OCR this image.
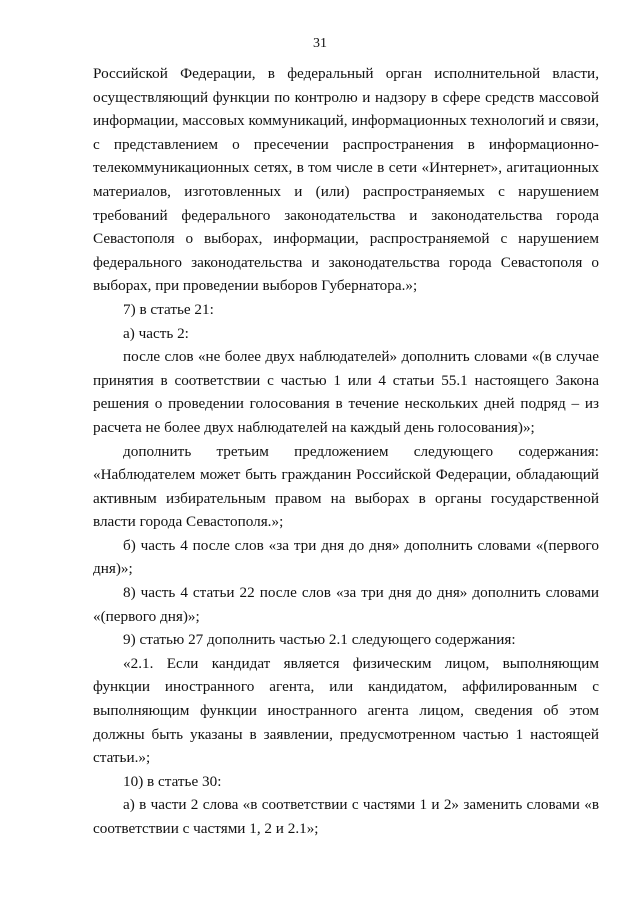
31

Российской Федерации, в федеральный орган исполнительной власти, осуществляющий функции по контролю и надзору в сфере средств массовой информации, массовых коммуникаций, информационных технологий и связи, с представлением о пресечении распространения в информационно-телекоммуникационных сетях, в том числе в сети «Интернет», агитационных материалов, изготовленных и (или) распространяемых с нарушением требований федерального законодательства и законодательства города Севастополя о выборах, информации, распространяемой с нарушением федерального законодательства и законодательства города Севастополя о выборах, при проведении выборов Губернатора.»;

7) в статье 21:

а) часть 2:

после слов «не более двух наблюдателей» дополнить словами «(в случае принятия в соответствии с частью 1 или 4 статьи 55.1 настоящего Закона решения о проведении голосования в течение нескольких дней подряд – из расчета не более двух наблюдателей на каждый день голосования)»;

дополнить третьим предложением следующего содержания: «Наблюдателем может быть гражданин Российской Федерации, обладающий активным избирательным правом на выборах в органы государственной власти города Севастополя.»;

б) часть 4 после слов «за три дня до дня» дополнить словами «(первого дня)»;

8) часть 4 статьи 22 после слов «за три дня до дня» дополнить словами «(первого дня)»;

9) статью 27 дополнить частью 2.1 следующего содержания:

«2.1. Если кандидат является физическим лицом, выполняющим функции иностранного агента, или кандидатом, аффилированным с выполняющим функции иностранного агента лицом, сведения об этом должны быть указаны в заявлении, предусмотренном частью 1 настоящей статьи.»;

10) в статье 30:

а) в части 2 слова «в соответствии с частями 1 и 2» заменить словами «в соответствии с частями 1, 2 и 2.1»;
